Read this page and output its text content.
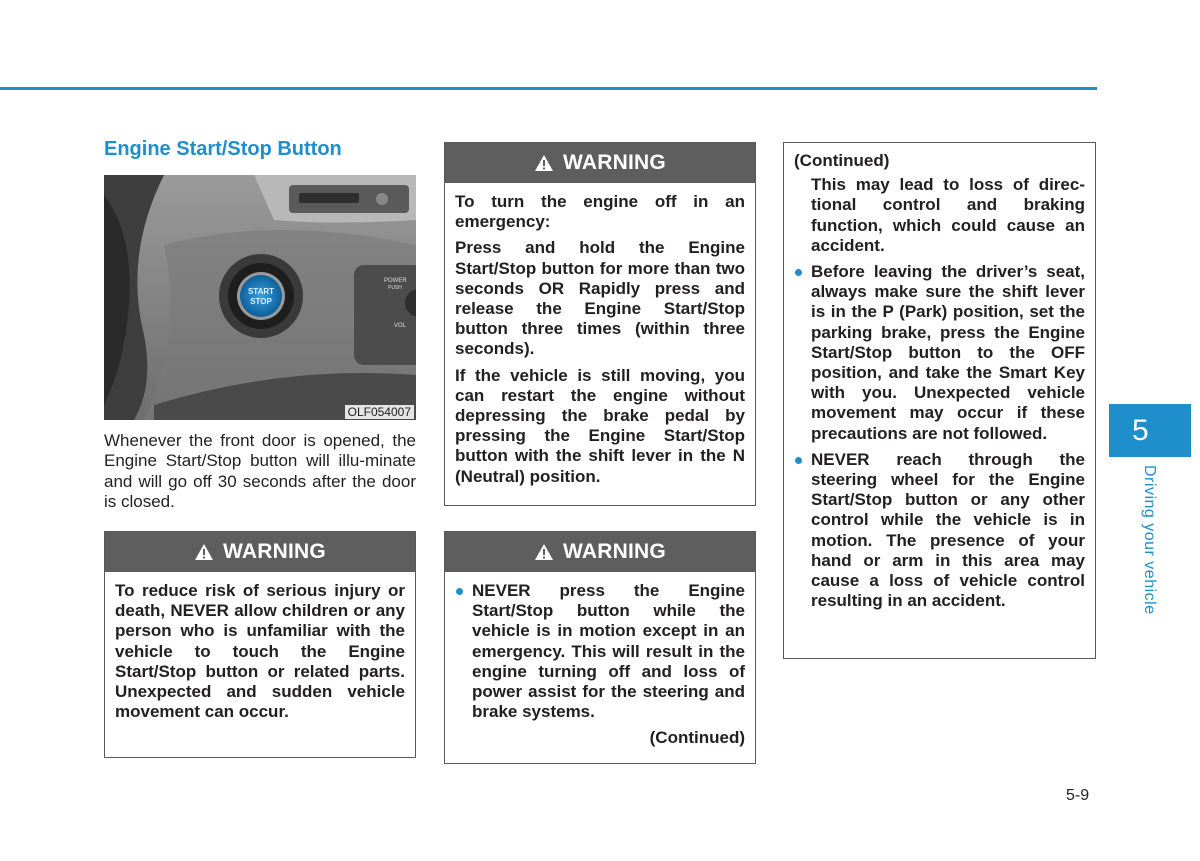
Engine Start/Stop Button
POWER
PUSH
VOL
START
STOP
OLF054007

Whenever the front door is opened, the Engine Start/Stop button will illu-minate and will go off 30 seconds after the door is closed.

WARNING

To turn the engine off in an emergency:

Press and hold the Engine Start/Stop button for more than two seconds OR Rapidly press and release the Engine Start/Stop button three times (within three seconds).

If the vehicle is still moving, you can restart the engine without depressing the brake pedal by pressing the Engine Start/Stop button with the shift lever in the N (Neutral) position.

WARNING

To reduce risk of serious injury or death, NEVER allow children or any person who is unfamiliar with the vehicle to touch the Engine Start/Stop button or related parts. Unexpected and sudden vehicle movement can occur.

WARNING

NEVER press the Engine Start/Stop button while the vehicle is in motion except in an emergency. This will result in the engine turning off and loss of power assist for the steering and brake systems.

(Continued)

(Continued)

This may lead to loss of direc-tional control and braking function, which could cause an accident.

Before leaving the driver’s seat, always make sure the shift lever is in the P (Park) position, set the parking brake, press the Engine Start/Stop button to the OFF position, and take the Smart Key with you. Unexpected vehicle movement may occur if these precautions are not followed.

NEVER reach through the steering wheel for the Engine Start/Stop button or any other control while the vehicle is in motion. The presence of your hand or arm in this area may cause a loss of vehicle control resulting in an accident.

5
Driving your vehicle
5-9
